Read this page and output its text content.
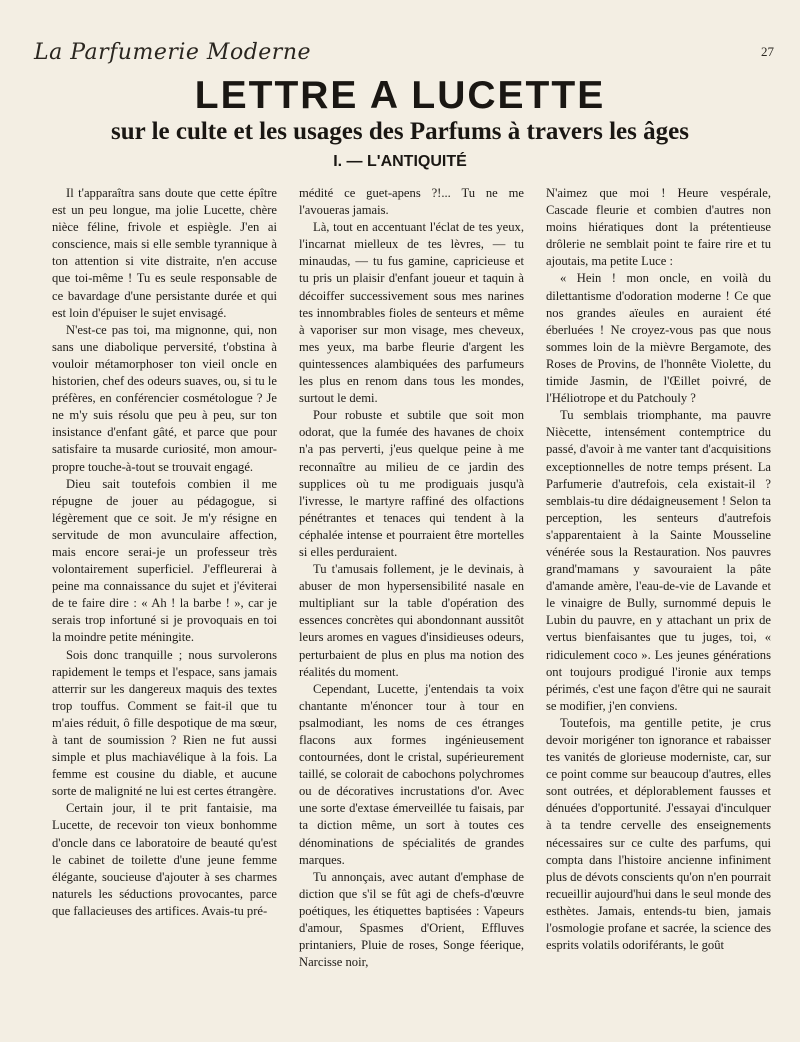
La Parfumerie Moderne	27
LETTRE A LUCETTE
sur le culte et les usages des Parfums à travers les âges
I. — L'ANTIQUITÉ

Il t'apparaîtra sans doute que cette épître est un peu longue, ma jolie Lucette, chère nièce féline, frivole et espiègle. J'en ai conscience, mais si elle semble tyrannique à ton attention si vite distraite, n'en accuse que toi-même ! Tu es seule responsable de ce bavardage d'une persistante durée et qui est loin d'épuiser le sujet envisagé.

N'est-ce pas toi, ma mignonne, qui, non sans une diabolique perversité, t'obstina à vouloir métamorphoser ton vieil oncle en historien, chef des odeurs suaves, ou, si tu le préfères, en conférencier cosmétologue ? Je ne m'y suis résolu que peu à peu, sur ton insistance d'enfant gâté, et parce que pour satisfaire ta musarde curiosité, mon amour-propre touche-à-tout se trouvait engagé.

Dieu sait toutefois combien il me répugne de jouer au pédagogue, si légèrement que ce soit. Je m'y résigne en servitude de mon avunculaire affection, mais encore serai-je un professeur très volontairement superficiel. J'effleurerai à peine ma connaissance du sujet et j'éviterai de te faire dire : « Ah ! la barbe ! », car je serais trop infortuné si je provoquais en toi la moindre petite méningite.

Sois donc tranquille ; nous survolerons rapidement le temps et l'espace, sans jamais atterrir sur les dangereux maquis des textes trop touffus. Comment se fait-il que tu m'aies réduit, ô fille despotique de ma sœur, à tant de soumission ? Rien ne fut aussi simple et plus machiavélique à la fois. La femme est cousine du diable, et aucune sorte de malignité ne lui est certes étrangère.

Certain jour, il te prit fantaisie, ma Lucette, de recevoir ton vieux bonhomme d'oncle dans ce laboratoire de beauté qu'est le cabinet de toilette d'une jeune femme élégante, soucieuse d'ajouter à ses charmes naturels les séductions provocantes, parce que fallacieuses des artifices. Avais-tu pré-

médité ce guet-apens ?!... Tu ne me l'avoueras jamais.

Là, tout en accentuant l'éclat de tes yeux, l'incarnat mielleux de tes lèvres, — tu minaudas, — tu fus gamine, capricieuse et tu pris un plaisir d'enfant joueur et taquin à décoiffer successivement sous mes narines tes innombrables fioles de senteurs et même à vaporiser sur mon visage, mes cheveux, mes yeux, ma barbe fleurie d'argent les quintessences alambiquées des parfumeurs les plus en renom dans tous les mondes, surtout le demi.

Pour robuste et subtile que soit mon odorat, que la fumée des havanes de choix n'a pas perverti, j'eus quelque peine à me reconnaître au milieu de ce jardin des supplices où tu me prodiguais jusqu'à l'ivresse, le martyre raffiné des olfactions pénétrantes et tenaces qui tendent à la céphalée intense et pourraient être mortelles si elles perduraient.

Tu t'amusais follement, je le devinais, à abuser de mon hypersensibilité nasale en multipliant sur la table d'opération des essences concrètes qui abondonnant aussitôt leurs aromes en vagues d'insidieuses odeurs, perturbaient de plus en plus ma notion des réalités du moment.

Cependant, Lucette, j'entendais ta voix chantante m'énoncer tour à tour en psalmodiant, les noms de ces étranges flacons aux formes ingénieusement contournées, dont le cristal, supérieurement taillé, se colorait de cabochons polychromes ou de décoratives incrustations d'or. Avec une sorte d'extase émerveillée tu faisais, par ta diction même, un sort à toutes ces dénominations de spécialités de grandes marques.

Tu annonçais, avec autant d'emphase de diction que s'il se fût agi de chefs-d'œuvre poétiques, les étiquettes baptisées : Vapeurs d'amour, Spasmes d'Orient, Effluves printaniers, Pluie de roses, Songe féerique, Narcisse noir,

N'aimez que moi ! Heure vespérale, Cascade fleurie et combien d'autres non moins hiératiques dont la prétentieuse drôlerie ne semblait point te faire rire et tu ajoutais, ma petite Luce :

« Hein ! mon oncle, en voilà du dilettantisme d'odoration moderne ! Ce que nos grandes aïeules en auraient été éberluées ! Ne croyez-vous pas que nous sommes loin de la mièvre Bergamote, des Roses de Provins, de l'honnête Violette, du timide Jasmin, de l'Œillet poivré, de l'Héliotrope et du Patchouly ?

Tu semblais triomphante, ma pauvre Niècette, intensément contemptrice du passé, d'avoir à me vanter tant d'acquisitions exceptionnelles de notre temps présent. La Parfumerie d'autrefois, cela existait-il ? semblais-tu dire dédaigneusement ! Selon ta perception, les senteurs d'autrefois s'apparentaient à la Sainte Mousseline vénérée sous la Restauration. Nos pauvres grand'mamans y savouraient la pâte d'amande amère, l'eau-de-vie de Lavande et le vinaigre de Bully, surnommé depuis le Lubin du pauvre, en y attachant un prix de vertus bienfaisantes que tu juges, toi, « ridiculement coco ». Les jeunes générations ont toujours prodigué l'ironie aux temps périmés, c'est une façon d'être qui ne saurait se modifier, j'en conviens.

Toutefois, ma gentille petite, je crus devoir morigéner ton ignorance et rabaisser tes vanités de glorieuse moderniste, car, sur ce point comme sur beaucoup d'autres, elles sont outrées, et déplorablement fausses et dénuées d'opportunité. J'essayai d'inculquer à ta tendre cervelle des enseignements nécessaires sur ce culte des parfums, qui compta dans l'histoire ancienne infiniment plus de dévots conscients qu'on n'en pourrait recueillir aujourd'hui dans le seul monde des esthètes. Jamais, entends-tu bien, jamais l'osmologie profane et sacrée, la science des esprits volatils odoriférants, le goût
